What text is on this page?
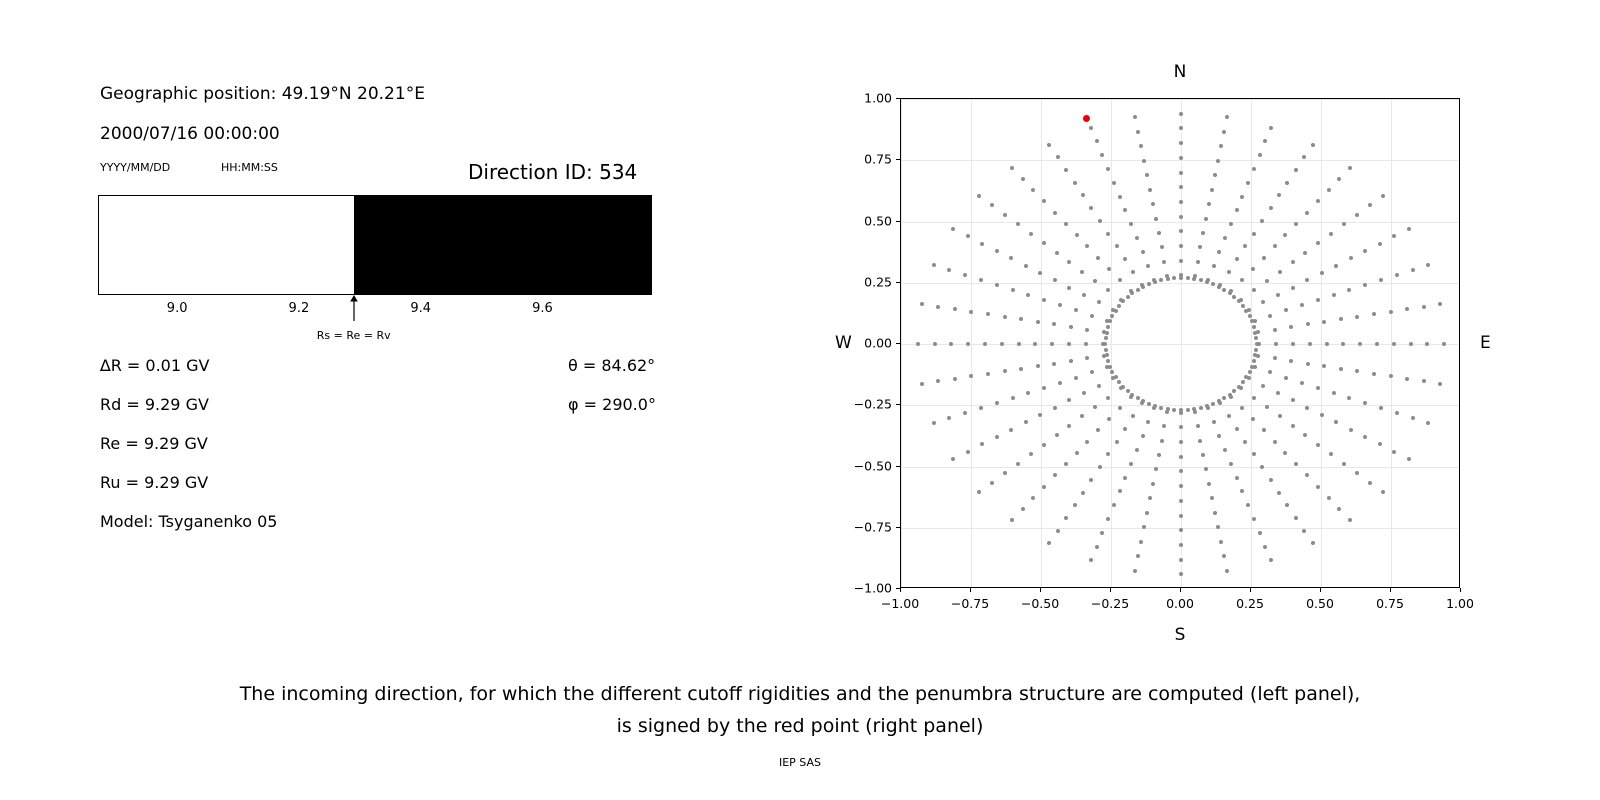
Geographic position: 49.19°N 20.21°E
2000/07/16 00:00:00
YYYY/MM/DD	HH:MM:SS	Direction ID: 534
9.0	9.2	9.4	9.6
Rs = Re = Rv
∆R = 0.01 GV
Rd = 9.29 GV
Re = 9.29 GV
Ru = 9.29 GV
Model: Tsyganenko 05
θ = 84.62°
φ = 290.0°
N
S
W	E
−1.00	−0.75	−0.50	−0.25	0.00	0.25	0.50	0.75	1.00
−1.00
−0.75
−0.50
−0.25
0.00
0.25
0.50
0.75
1.00
The incoming direction, for which the different cutoff rigidities and the penumbra structure are computed (left panel),
is signed by the red point (right panel)
IEP SAS
